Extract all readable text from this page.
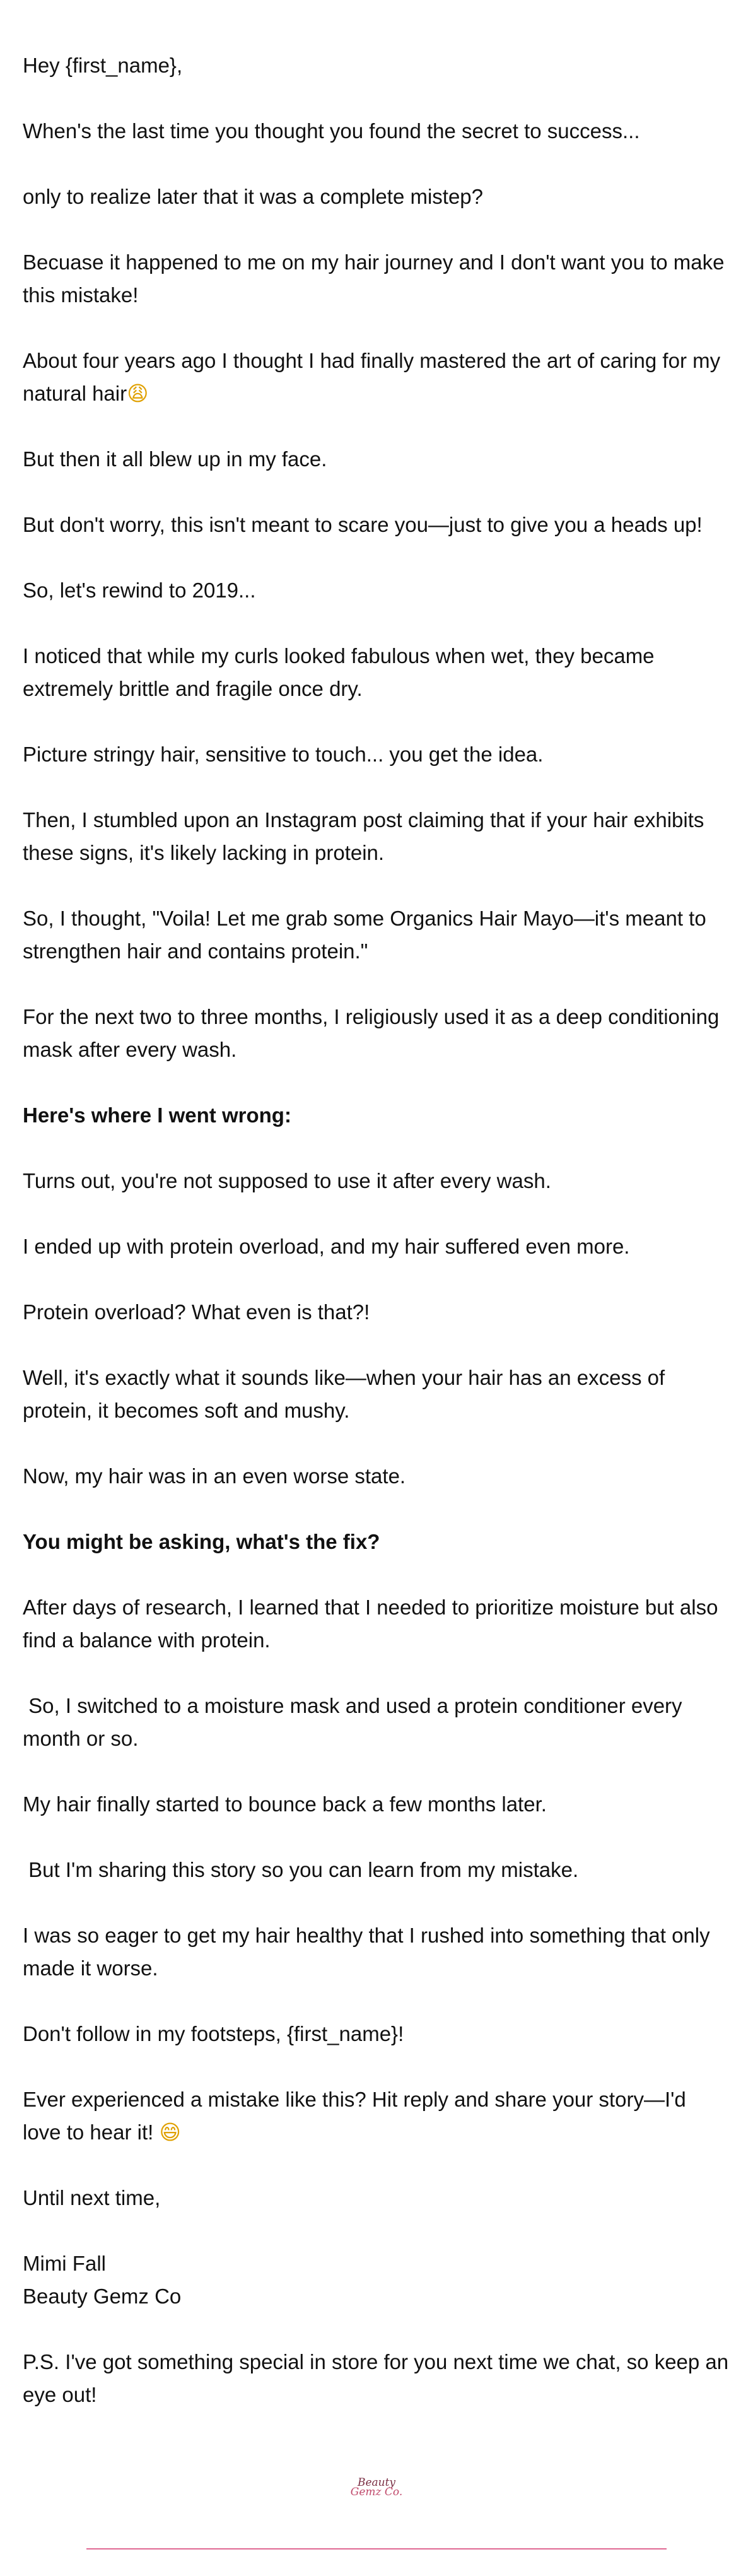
Hey {first_name},

When's the last time you thought you found the secret to success...

only to realize later that it was a complete mistep?

Becuase it happened to me on my hair journey and I don't want you to make this mistake!

About four years ago I thought I had finally mastered the art of caring for my natural hair😩

But then it all blew up in my face.

But don't worry, this isn't meant to scare you—just to give you a heads up!

So, let's rewind to 2019...

I noticed that while my curls looked fabulous when wet, they became extremely brittle and fragile once dry.

Picture stringy hair, sensitive to touch... you get the idea.

Then, I stumbled upon an Instagram post claiming that if your hair exhibits these signs, it's likely lacking in protein.

So, I thought, "Voila! Let me grab some Organics Hair Mayo—it's meant to strengthen hair and contains protein."

For the next two to three months, I religiously used it as a deep conditioning mask after every wash.

Here's where I went wrong:

Turns out, you're not supposed to use it after every wash.

I ended up with protein overload, and my hair suffered even more.

Protein overload? What even is that?!

Well, it's exactly what it sounds like—when your hair has an excess of protein, it becomes soft and mushy.

Now, my hair was in an even worse state.

You might be asking, what's the fix?

After days of research, I learned that I needed to prioritize moisture but also find a balance with protein.

So, I switched to a moisture mask and used a protein conditioner every month or so.

My hair finally started to bounce back a few months later.

But I'm sharing this story so you can learn from my mistake.

I was so eager to get my hair healthy that I rushed into something that only made it worse.

Don't follow in my footsteps, {first_name}!

Ever experienced a mistake like this? Hit reply and share your story—I'd love to hear it! 😄

Until next time,

Mimi Fall
Beauty Gemz Co

P.S. I've got something special in store for you next time we chat, so keep an eye out!

Beauty
Gemz Co.
